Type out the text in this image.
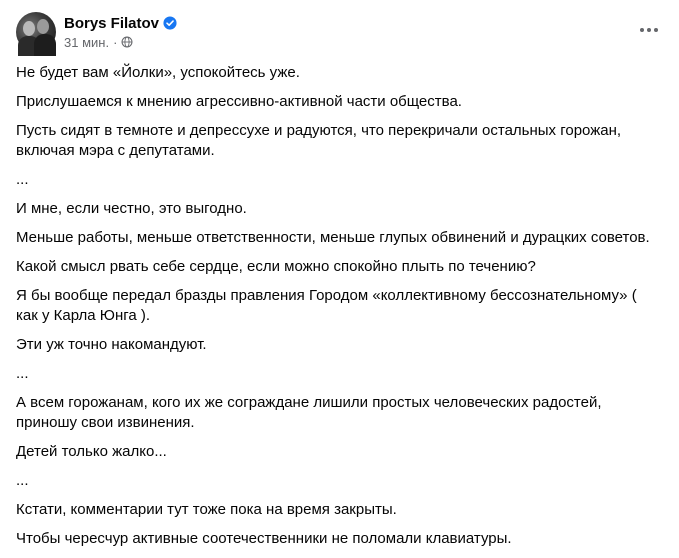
Borys Filatov
31 мин. ·

Не будет вам «Йолки», успокойтесь уже.

Прислушаемся к мнению агрессивно-активной части общества.

Пусть сидят в темноте и депрессухе и радуются, что перекричали остальных горожан, включая мэра с депутатами.

...

И мне, если честно, это выгодно.

Меньше работы, меньше ответственности, меньше глупых обвинений и дурацких советов.

Какой смысл рвать себе сердце, если можно спокойно плыть по течению?

Я бы вообще передал бразды правления Городом «коллективному бессознательному» ( как у Карла Юнга ).

Эти уж точно накомандуют.

...

А всем горожанам, кого их же сограждане лишили простых человеческих радостей, приношу свои извинения.

Детей только жалко...

...

Кстати, комментарии тут тоже пока на время закрыты.

Чтобы чересчур активные соотечественники не поломали клавиатуры.
